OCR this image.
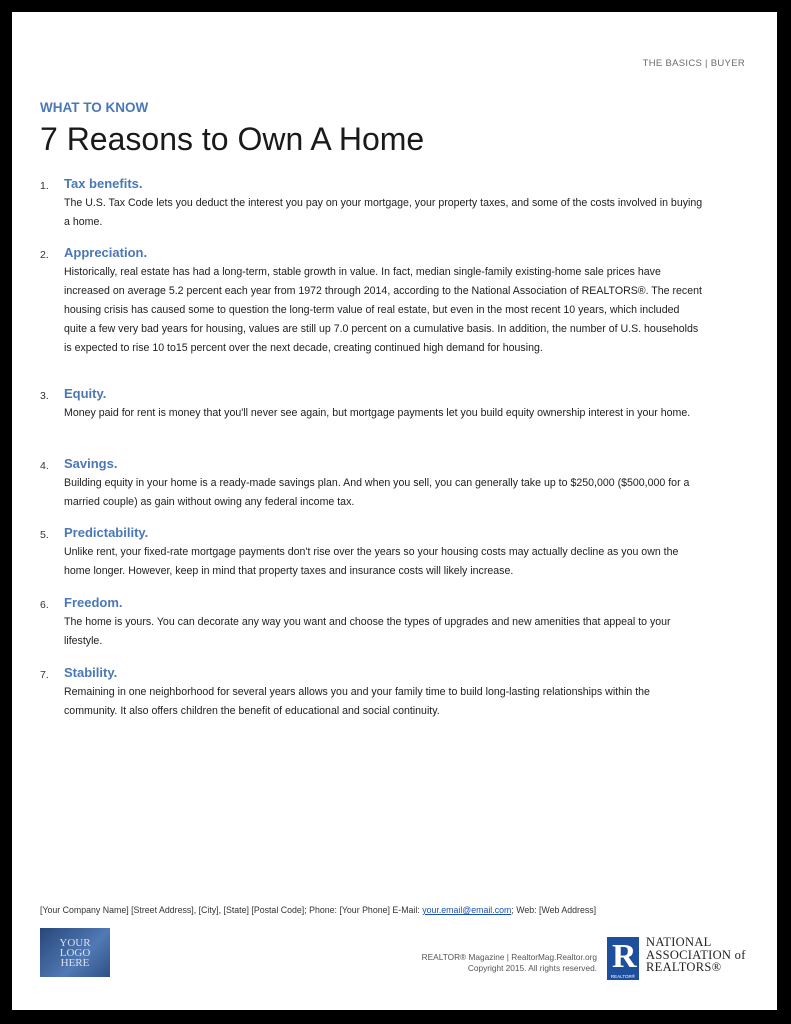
THE BASICS | BUYER
WHAT TO KNOW
7 Reasons to Own A Home
1. Tax benefits.
The U.S. Tax Code lets you deduct the interest you pay on your mortgage, your property taxes, and some of the costs involved in buying a home.
2. Appreciation.
Historically, real estate has had a long-term, stable growth in value. In fact, median single-family existing-home sale prices have increased on average 5.2 percent each year from 1972 through 2014, according to the National Association of REALTORS®. The recent housing crisis has caused some to question the long-term value of real estate, but even in the most recent 10 years, which included quite a few very bad years for housing, values are still up 7.0 percent on a cumulative basis. In addition, the number of U.S. households is expected to rise 10 to15 percent over the next decade, creating continued high demand for housing.
3. Equity.
Money paid for rent is money that you'll never see again, but mortgage payments let you build equity ownership interest in your home.
4. Savings.
Building equity in your home is a ready-made savings plan. And when you sell, you can generally take up to $250,000 ($500,000 for a married couple) as gain without owing any federal income tax.
5. Predictability.
Unlike rent, your fixed-rate mortgage payments don't rise over the years so your housing costs may actually decline as you own the home longer. However, keep in mind that property taxes and insurance costs will likely increase.
6. Freedom.
The home is yours. You can decorate any way you want and choose the types of upgrades and new amenities that appeal to your lifestyle.
7. Stability.
Remaining in one neighborhood for several years allows you and your family time to build long-lasting relationships within the community. It also offers children the benefit of educational and social continuity.
[Your Company Name] [Street Address], [City], [State] [Postal Code]; Phone: [Your Phone] E-Mail: your.email@email.com; Web: [Web Address]
YOUR
LOGO
HERE	REALTOR® Magazine | RealtorMag.Realtor.org
Copyright 2015. All rights reserved. R
REALTOR®
NATIONAL
ASSOCIATION of
REALTORS®
